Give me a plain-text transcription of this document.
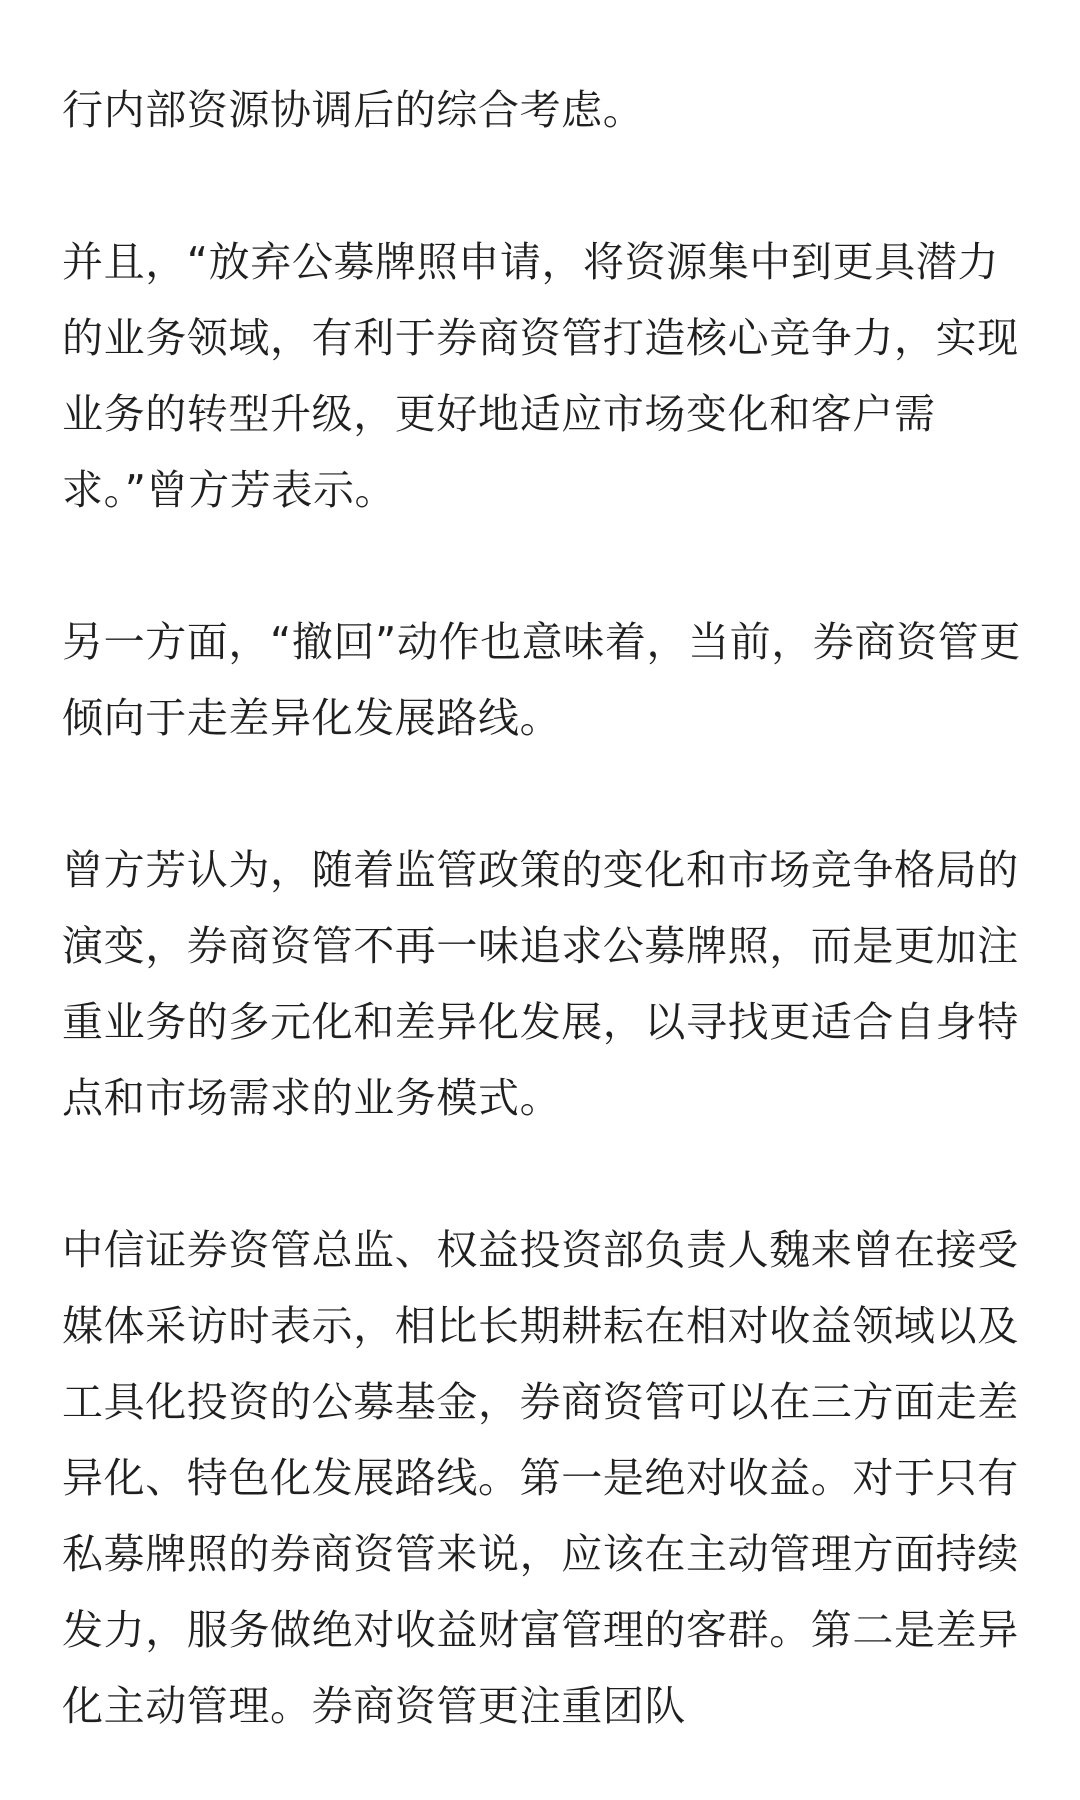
行内部资源协调后的综合考虑。

并且，“放弃公募牌照申请，将资源集中到更具潜力的业务领域，有利于券商资管打造核心竞争力，实现业务的转型升级，更好地适应市场变化和客户需求。”曾方芳表示。

另一方面，“撤回”动作也意味着，当前，券商资管更倾向于走差异化发展路线。

曾方芳认为，随着监管政策的变化和市场竞争格局的演变，券商资管不再一味追求公募牌照，而是更加注重业务的多元化和差异化发展，以寻找更适合自身特点和市场需求的业务模式。

中信证券资管总监、权益投资部负责人魏来曾在接受媒体采访时表示，相比长期耕耘在相对收益领域以及工具化投资的公募基金，券商资管可以在三方面走差异化、特色化发展路线。第一是绝对收益。对于只有私募牌照的券商资管来说，应该在主动管理方面持续发力，服务做绝对收益财富管理的客群。第二是差异化主动管理。券商资管更注重团队
